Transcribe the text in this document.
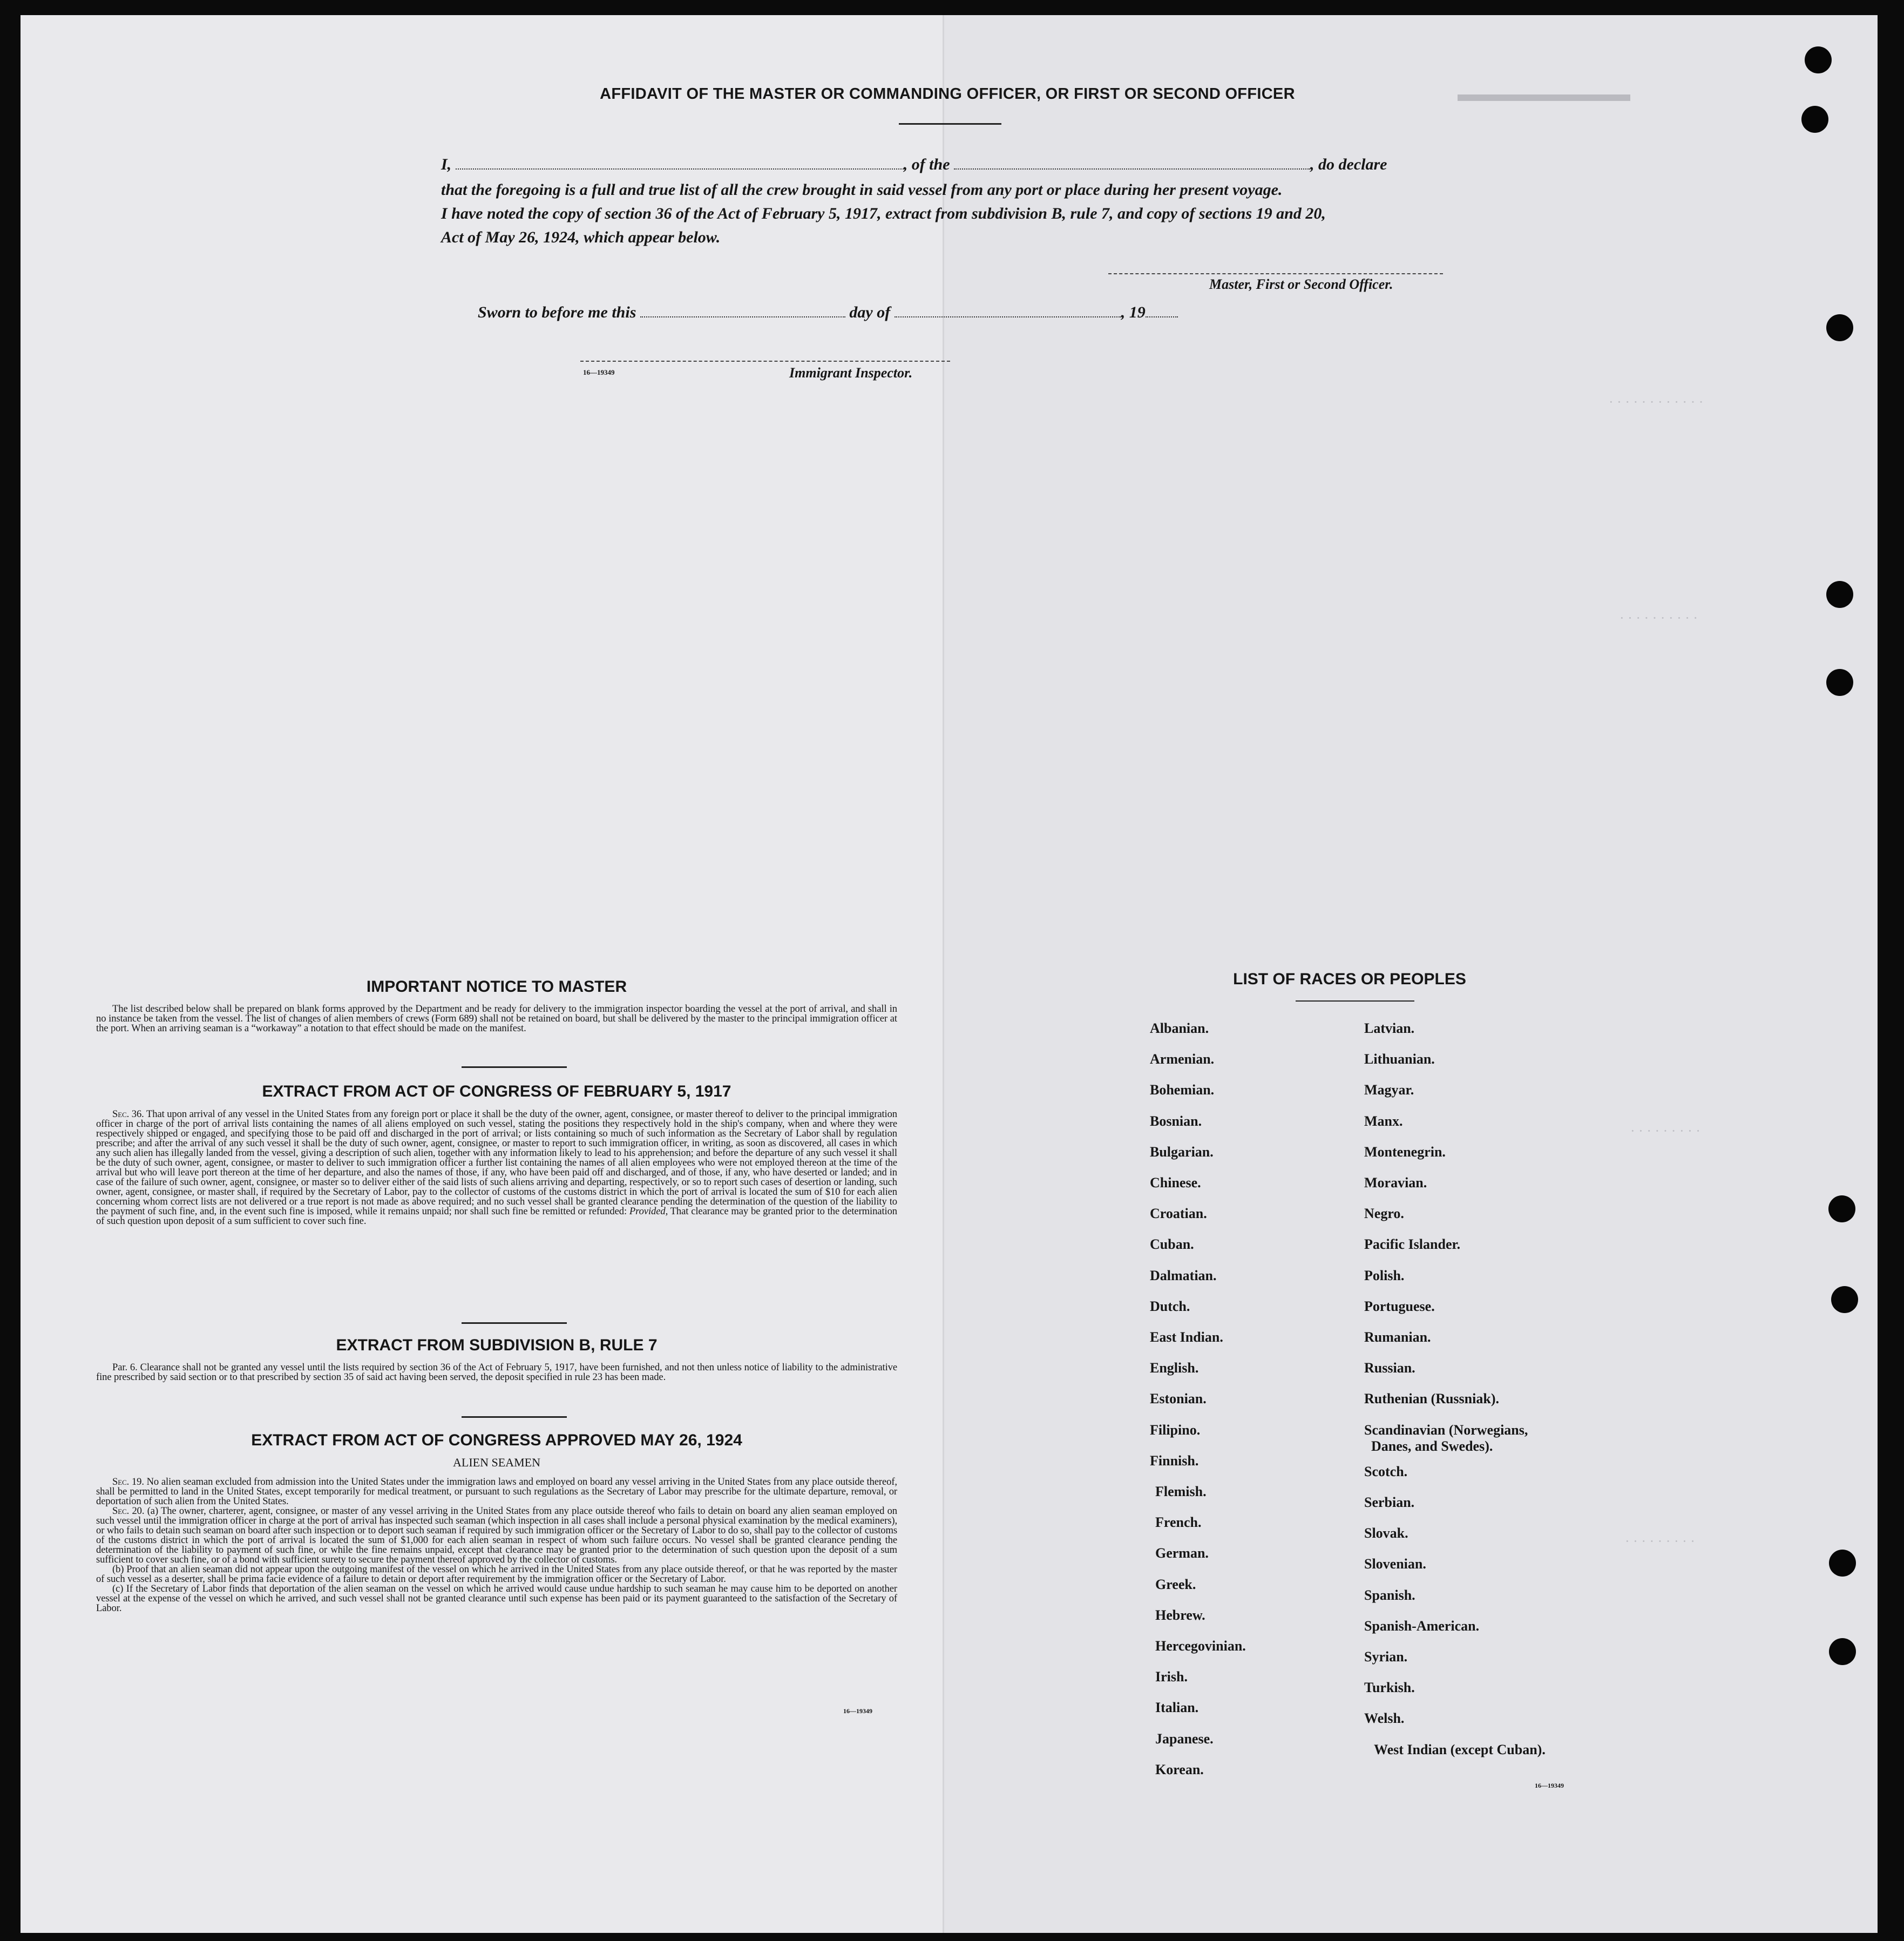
▬▬▬▬▬▬▬▬
· · · · · · · · · · · ·
· · · · · · · · · ·
· · · · · · · · ·
· · · · · · · · ·
AFFIDAVIT OF THE MASTER OR COMMANDING OFFICER, OR FIRST OR SECOND OFFICER
I,	, of the	, do declare
that the foregoing is a full and true list of all the crew brought in said vessel from any port or place during her present voyage.
I have noted the copy of section 36 of the Act of February 5, 1917, extract from subdivision B, rule 7, and copy of sections 19 and 20,
Act of May 26, 1924, which appear below.
Master, First or Second Officer.
Sworn to before me this	day of	, 19
16—19349	Immigrant Inspector.
IMPORTANT NOTICE TO MASTER

The list described below shall be prepared on blank forms approved by the Department and be ready for delivery to the immigration inspector boarding the vessel at the port of arrival, and shall in no instance be taken from the vessel. The list of changes of alien members of crews (Form 689) shall not be retained on board, but shall be delivered by the master to the principal immigration officer at the port. When an arriving seaman is a “workaway” a notation to that effect should be made on the manifest.

EXTRACT FROM ACT OF CONGRESS OF FEBRUARY 5, 1917

Sec. 36. That upon arrival of any vessel in the United States from any foreign port or place it shall be the duty of the owner, agent, consignee, or master thereof to deliver to the principal immigration officer in charge of the port of arrival lists containing the names of all aliens employed on such vessel, stating the positions they respectively hold in the ship's company, when and where they were respectively shipped or engaged, and specifying those to be paid off and discharged in the port of arrival; or lists containing so much of such information as the Secretary of Labor shall by regulation prescribe; and after the arrival of any such vessel it shall be the duty of such owner, agent, consignee, or master to report to such immigration officer, in writing, as soon as discovered, all cases in which any such alien has illegally landed from the vessel, giving a description of such alien, together with any information likely to lead to his apprehension; and before the departure of any such vessel it shall be the duty of such owner, agent, consignee, or master to deliver to such immigration officer a further list containing the names of all alien employees who were not employed thereon at the time of the arrival but who will leave port thereon at the time of her departure, and also the names of those, if any, who have been paid off and discharged, and of those, if any, who have deserted or landed; and in case of the failure of such owner, agent, consignee, or master so to deliver either of the said lists of such aliens arriving and departing, respectively, or so to report such cases of desertion or landing, such owner, agent, consignee, or master shall, if required by the Secretary of Labor, pay to the collector of customs of the customs district in which the port of arrival is located the sum of $10 for each alien concerning whom correct lists are not delivered or a true report is not made as above required; and no such vessel shall be granted clearance pending the determination of the question of the liability to the payment of such fine, and, in the event such fine is imposed, while it remains unpaid; nor shall such fine be remitted or refunded: Provided, That clearance may be granted prior to the determination of such question upon deposit of a sum sufficient to cover such fine.

EXTRACT FROM SUBDIVISION B, RULE 7

Par. 6. Clearance shall not be granted any vessel until the lists required by section 36 of the Act of February 5, 1917, have been furnished, and not then unless notice of liability to the administrative fine prescribed by said section or to that prescribed by section 35 of said act having been served, the deposit specified in rule 23 has been made.

EXTRACT FROM ACT OF CONGRESS APPROVED MAY 26, 1924
ALIEN SEAMEN

Sec. 19. No alien seaman excluded from admission into the United States under the immigration laws and employed on board any vessel arriving in the United States from any place outside thereof, shall be permitted to land in the United States, except temporarily for medical treatment, or pursuant to such regulations as the Secretary of Labor may prescribe for the ultimate departure, removal, or deportation of such alien from the United States.

Sec. 20. (a) The owner, charterer, agent, consignee, or master of any vessel arriving in the United States from any place outside thereof who fails to detain on board any alien seaman employed on such vessel until the immigration officer in charge at the port of arrival has inspected such seaman (which inspection in all cases shall include a personal physical examination by the medical examiners), or who fails to detain such seaman on board after such inspection or to deport such seaman if required by such immigration officer or the Secretary of Labor to do so, shall pay to the collector of customs of the customs district in which the port of arrival is located the sum of $1,000 for each alien seaman in respect of whom such failure occurs. No vessel shall be granted clearance pending the determination of the liability to payment of such fine, or while the fine remains unpaid, except that clearance may be granted prior to the determination of such question upon the deposit of a sum sufficient to cover such fine, or of a bond with sufficient surety to secure the payment thereof approved by the collector of customs.

(b) Proof that an alien seaman did not appear upon the outgoing manifest of the vessel on which he arrived in the United States from any place outside thereof, or that he was reported by the master of such vessel as a deserter, shall be prima facie evidence of a failure to detain or deport after requirement by the immigration officer or the Secretary of Labor.

(c) If the Secretary of Labor finds that deportation of the alien seaman on the vessel on which he arrived would cause undue hardship to such seaman he may cause him to be deported on another vessel at the expense of the vessel on which he arrived, and such vessel shall not be granted clearance until such expense has been paid or its payment guaranteed to the satisfaction of the Secretary of Labor.

16—19349
LIST OF RACES OR PEOPLES
Albanian.
Armenian.
Bohemian.
Bosnian.
Bulgarian.
Chinese.
Croatian.
Cuban.
Dalmatian.
Dutch.
East Indian.
English.
Estonian.
Filipino.
Finnish.
Flemish.
French.
German.
Greek.
Hebrew.
Hercegovinian.
Irish.
Italian.
Japanese.
Korean.
Latvian.
Lithuanian.
Magyar.
Manx.
Montenegrin.
Moravian.
Negro.
Pacific Islander.
Polish.
Portuguese.
Rumanian.
Russian.
Ruthenian (Russniak).
Scandinavian (Norwegians,
Danes, and Swedes).
Scotch.
Serbian.
Slovak.
Slovenian.
Spanish.
Spanish-American.
Syrian.
Turkish.
Welsh.
West Indian (except Cuban).
16—19349
